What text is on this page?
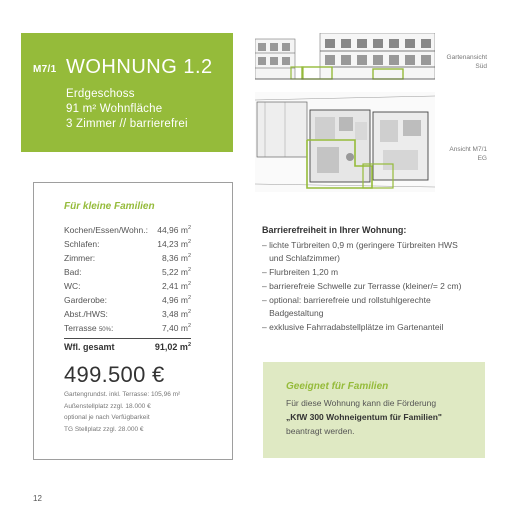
M7/1 WOHNUNG 1.2
Erdgeschoss
91 m² Wohnfläche
3 Zimmer // barrierefrei
Gartenansicht
Süd
Ansicht M7/1
EG
Für kleine Familien
Kochen/Essen/Wohn.: 44,96 $m^2$
Schlafen:	14,23 $m^2$
Zimmer:	8,36 $m^2$
Bad:	5,22 $m^2$
WC:	2,41 $m^2$
Garderobe:	4,96 $m^2$
Abst./HWS:	3,48 $m^2$
Terrasse 50%:	7,40 $m^2$
Wfl. gesamt	91,02 $m^2$
499.500 €
Gartengrundst. inkl. Terrasse: 105,96 m²
Außenstellplatz zzgl. 18.000 €
optional je nach Verfügbarkeit
TG Stellplatz zzgl. 28.000 €
Barrierefreiheit in Ihrer Wohnung:
– lichte Türbreiten 0,9 m (geringere Türbreiten HWS
und Schlafzimmer)
– Flurbreiten 1,20 m
– barrierefreie Schwelle zur Terrasse (kleiner/= 2 cm)
– optional: barrierefreie und rollstuhlgerechte
Badgestaltung
– exklusive Fahrradabstellplätze im Gartenanteil
Geeignet für Familien
Für diese Wohnung kann die Förderung
„KfW 300 Wohneigentum für Familien"
beantragt werden.
12
